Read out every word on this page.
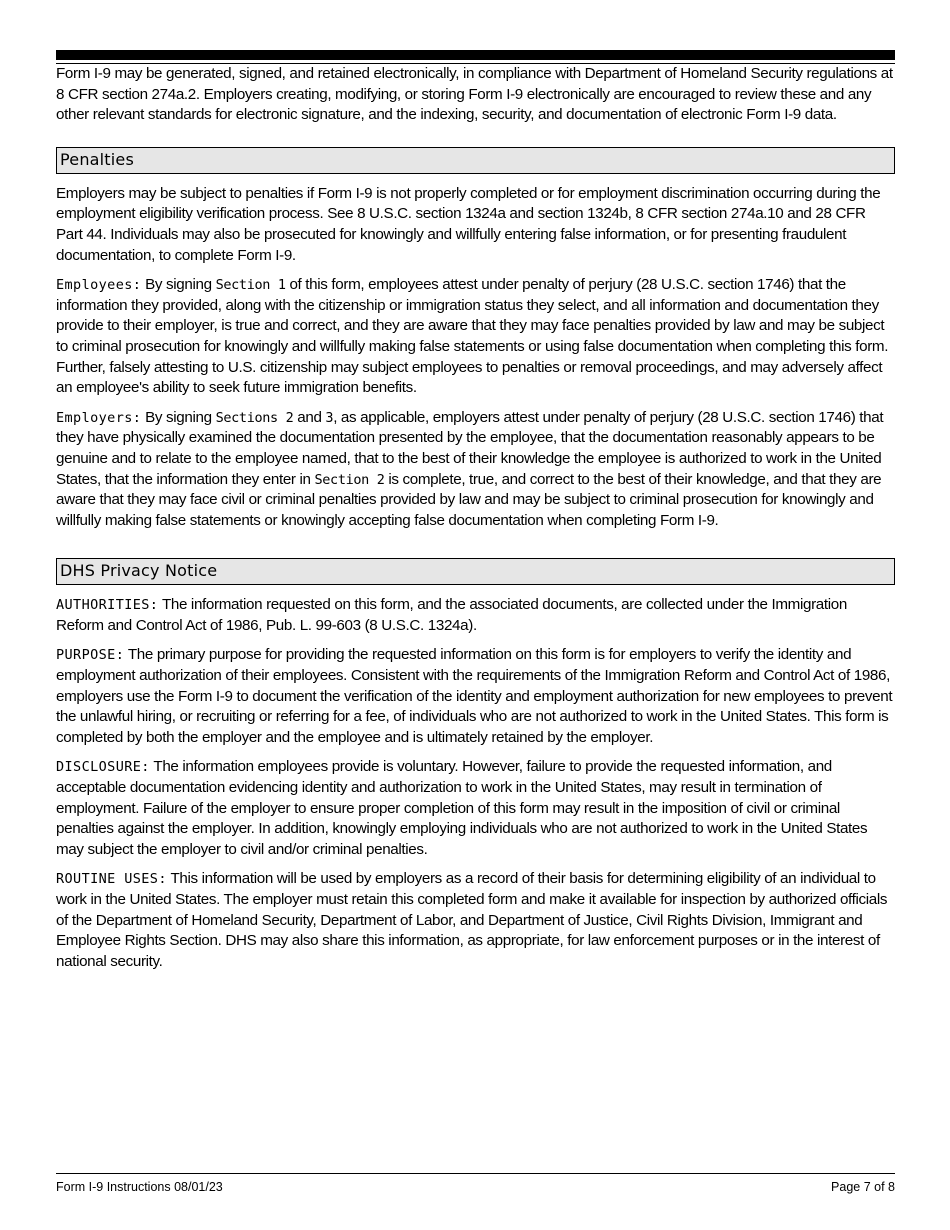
Form I-9 may be generated, signed, and retained electronically, in compliance with Department of Homeland Security regulations at 8 CFR section 274a.2. Employers creating, modifying, or storing Form I-9 electronically are encouraged to review these and any other relevant standards for electronic signature, and the indexing, security, and documentation of electronic Form I-9 data.

Penalties

Employers may be subject to penalties if Form I-9 is not properly completed or for employment discrimination occurring during the employment eligibility verification process. See 8 U.S.C. section 1324a and section 1324b, 8 CFR section 274a.10 and 28 CFR Part 44. Individuals may also be prosecuted for knowingly and willfully entering false information, or for presenting fraudulent documentation, to complete Form I-9.

Employees: By signing Section 1 of this form, employees attest under penalty of perjury (28 U.S.C. section 1746) that the information they provided, along with the citizenship or immigration status they select, and all information and documentation they provide to their employer, is true and correct, and they are aware that they may face penalties provided by law and may be subject to criminal prosecution for knowingly and willfully making false statements or using false documentation when completing this form. Further, falsely attesting to U.S. citizenship may subject employees to penalties or removal proceedings, and may adversely affect an employee's ability to seek future immigration benefits.

Employers: By signing Sections 2 and 3, as applicable, employers attest under penalty of perjury (28 U.S.C. section 1746) that they have physically examined the documentation presented by the employee, that the documentation reasonably appears to be genuine and to relate to the employee named, that to the best of their knowledge the employee is authorized to work in the United States, that the information they enter in Section 2 is complete, true, and correct to the best of their knowledge, and that they are aware that they may face civil or criminal penalties provided by law and may be subject to criminal prosecution for knowingly and willfully making false statements or knowingly accepting false documentation when completing Form I-9.

DHS Privacy Notice

AUTHORITIES: The information requested on this form, and the associated documents, are collected under the Immigration Reform and Control Act of 1986, Pub. L. 99-603 (8 U.S.C. 1324a).

PURPOSE: The primary purpose for providing the requested information on this form is for employers to verify the identity and employment authorization of their employees. Consistent with the requirements of the Immigration Reform and Control Act of 1986, employers use the Form I-9 to document the verification of the identity and employment authorization for new employees to prevent the unlawful hiring, or recruiting or referring for a fee, of individuals who are not authorized to work in the United States. This form is completed by both the employer and the employee and is ultimately retained by the employer.

DISCLOSURE: The information employees provide is voluntary. However, failure to provide the requested information, and acceptable documentation evidencing identity and authorization to work in the United States, may result in termination of employment. Failure of the employer to ensure proper completion of this form may result in the imposition of civil or criminal penalties against the employer. In addition, knowingly employing individuals who are not authorized to work in the United States may subject the employer to civil and/or criminal penalties.

ROUTINE USES: This information will be used by employers as a record of their basis for determining eligibility of an individual to work in the United States. The employer must retain this completed form and make it available for inspection by authorized officials of the Department of Homeland Security, Department of Labor, and Department of Justice, Civil Rights Division, Immigrant and Employee Rights Section. DHS may also share this information, as appropriate, for law enforcement purposes or in the interest of national security.

Form I-9 Instructions 08/01/23	Page 7 of 8
